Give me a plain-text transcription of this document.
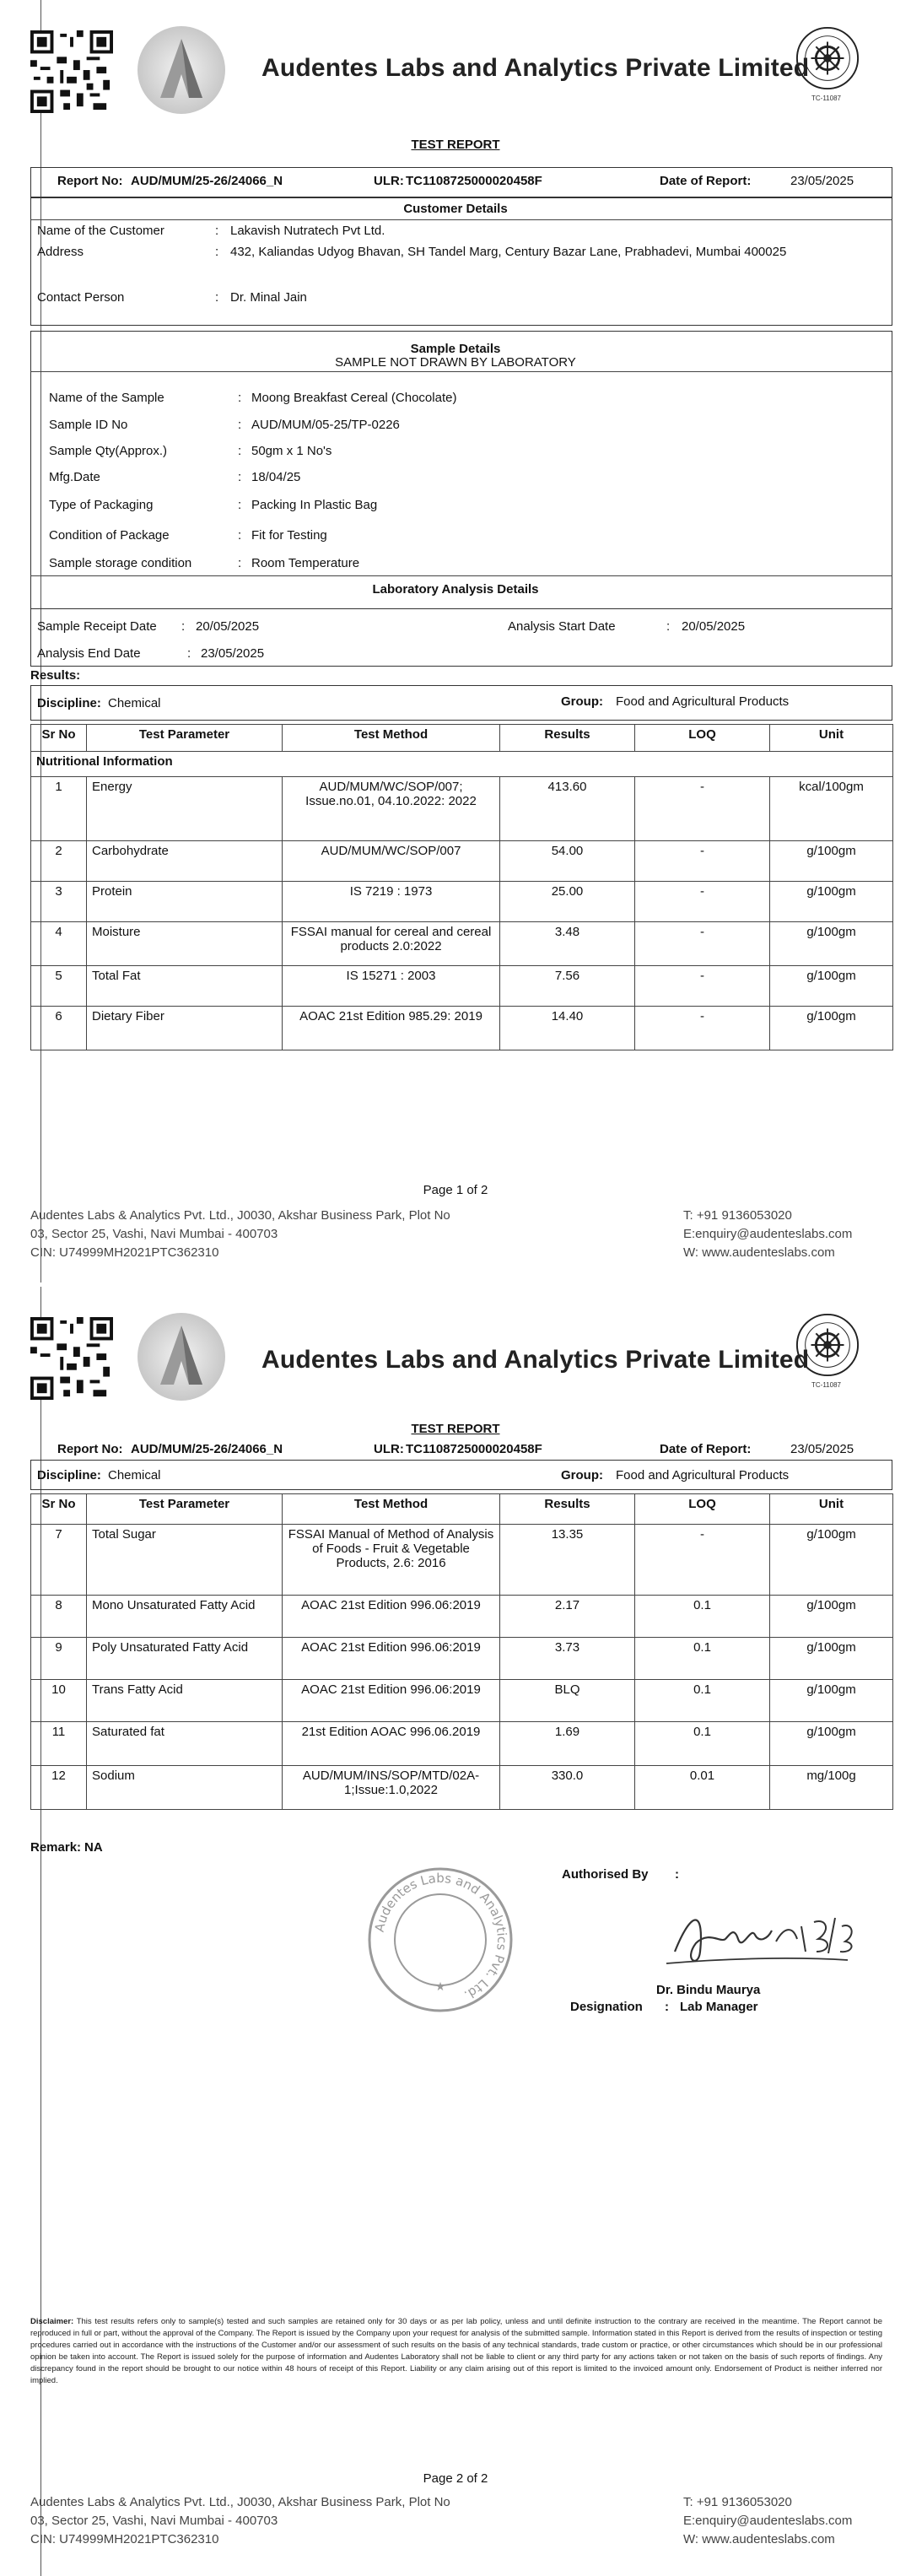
Audentes Labs and Analytics Private Limited
TC-11087
TEST REPORT
Report No: AUD/MUM/25-26/24066_N	ULR: TC1108725000020458F	Date of Report:	23/05/2025
Customer Details
Name of the Customer	: Lakavish Nutratech Pvt Ltd.
Address	: 432, Kaliandas Udyog Bhavan, SH Tandel Marg, Century Bazar Lane, Prabhadevi, Mumbai 400025
Contact Person	: Dr. Minal Jain
Sample Details
SAMPLE NOT DRAWN BY LABORATORY
Name of the Sample	: Moong Breakfast Cereal (Chocolate)
Sample ID No	: AUD/MUM/05-25/TP-0226
Sample Qty(Approx.)	: 50gm x 1 No's
Mfg.Date	: 18/04/25
Type of Packaging	: Packing In Plastic Bag
Condition of Package	: Fit for Testing
Sample storage condition	: Room Temperature
Laboratory Analysis Details
Sample Receipt Date : 20/05/2025	Analysis Start Date	: 20/05/2025
Analysis End Date	: 23/05/2025
Results:
Discipline: Chemical	Group: Food and Agricultural Products
Sr No	Test Parameter	Test Method	Results	LOQ	Unit
Nutritional Information					
1	Energy	AUD/MUM/WC/SOP/007; Issue.no.01, 04.10.2022: 2022	413.60	-	kcal/100gm
2	Carbohydrate	AUD/MUM/WC/SOP/007	54.00	-	g/100gm
3	Protein	IS 7219 : 1973	25.00	-	g/100gm
4	Moisture	FSSAI manual for cereal and cereal products 2.0:2022	3.48	-	g/100gm
5	Total Fat	IS 15271 : 2003	7.56	-	g/100gm
6	Dietary Fiber	AOAC 21st Edition 985.29: 2019	14.40	-	g/100gm
Page 1 of 2
Audentes Labs & Analytics Pvt. Ltd., J0030, Akshar Business Park, Plot No
03, Sector 25, Vashi, Navi Mumbai - 400703
CIN: U74999MH2021PTC362310
T: +91 9136053020
E:enquiry@audenteslabs.com
W: www.audenteslabs.com
Audentes Labs and Analytics Private Limited
TC-11087
TEST REPORT
Report No: AUD/MUM/25-26/24066_N	ULR: TC1108725000020458F	Date of Report:	23/05/2025
Discipline: Chemical	Group: Food and Agricultural Products
Sr No	Test Parameter	Test Method	Results	LOQ	Unit
7	Total Sugar	FSSAI Manual of Method of Analysis of Foods - Fruit & Vegetable Products, 2.6: 2016	13.35	-	g/100gm
8	Mono Unsaturated Fatty Acid	AOAC 21st Edition 996.06:2019	2.17	0.1	g/100gm
9	Poly Unsaturated Fatty Acid	AOAC 21st Edition 996.06:2019	3.73	0.1	g/100gm
10	Trans Fatty Acid	AOAC 21st Edition 996.06:2019	BLQ	0.1	g/100gm
11	Saturated fat	21st Edition AOAC 996.06.2019	1.69	0.1	g/100gm
12	Sodium	AUD/MUM/INS/SOP/MTD/02A-1;Issue:1.0,2022	330.0	0.01	mg/100g
Remark: NA
Authorised By :
Audentes Labs and Analytics Pvt. Ltd.
★	Dr. Bindu Maurya
Designation : Lab Manager
Disclaimer: This test results refers only to sample(s) tested and such samples are retained only for 30 days or as per lab policy, unless and until definite instruction to the contrary are received in the meantime. The Report cannot be reproduced in full or part, without the approval of the Company. The Report is issued by the Company upon your request for analysis of the submitted sample. Information stated in this Report is derived from the results of inspection or testing procedures carried out in accordance with the instructions of the Customer and/or our assessment of such results on the basis of any technical standards, trade custom or practice, or other circumstances which should be in our professional opinion be taken into account. The Report is issued solely for the purpose of information and Audentes Laboratory shall not be liable to client or any third party for any actions taken or not taken on the basis of such reports of findings. Any discrepancy found in the report should be brought to our notice within 48 hours of receipt of this Report. Liability or any claim arising out of this report is limited to the invoiced amount only. Endorsement of Product is neither inferred nor implied.
Page 2 of 2
Audentes Labs & Analytics Pvt. Ltd., J0030, Akshar Business Park, Plot No
03, Sector 25, Vashi, Navi Mumbai - 400703
CIN: U74999MH2021PTC362310
T: +91 9136053020
E:enquiry@audenteslabs.com
W: www.audenteslabs.com
